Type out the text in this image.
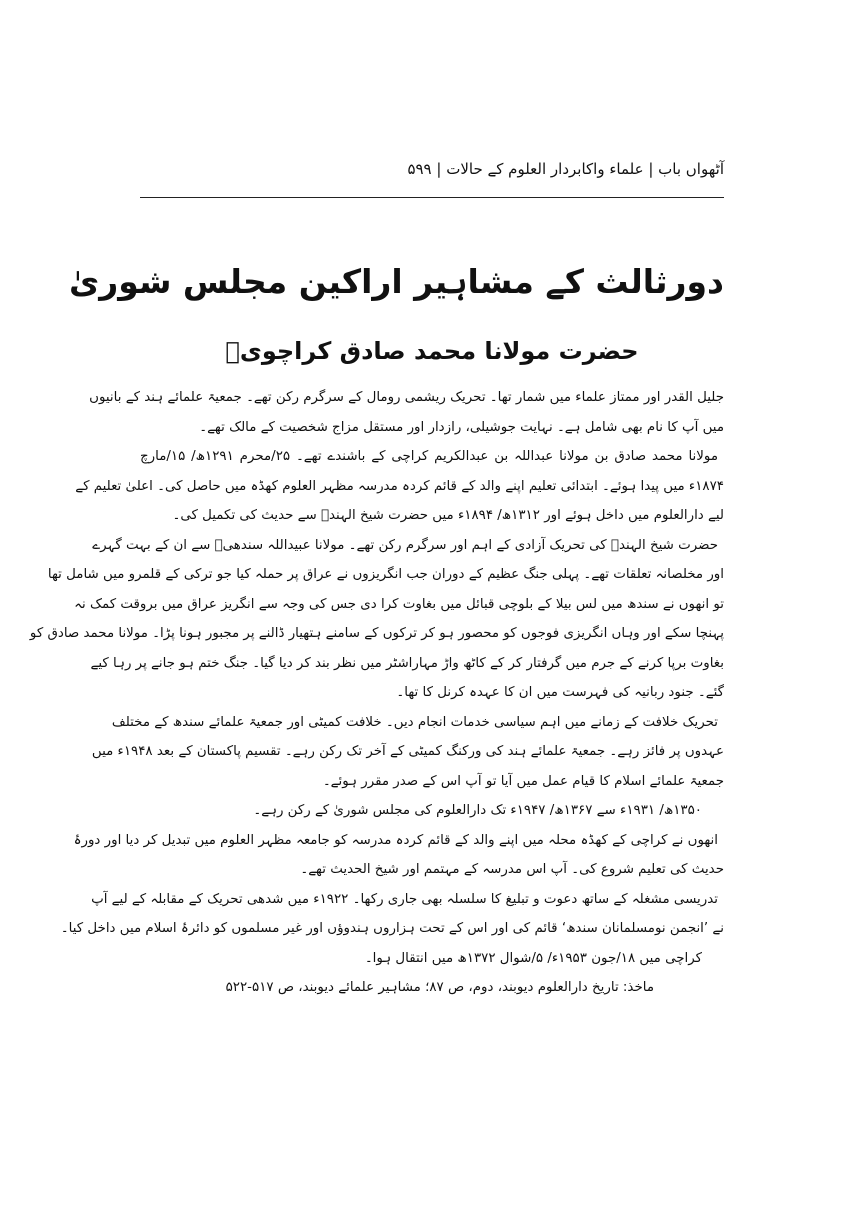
آٹھواں باب | علماء واکابردار العلوم کے حالات | ۵۹۹
دورثالث کے مشاہیر اراکین مجلس شوریٰ
حضرت مولانا محمد صادق کراچویؒ
جلیل القدر اور ممتاز علماء میں شمار تھا۔ تحریک ریشمی رومال کے سرگرم رکن تھے۔ جمعیۃ علمائے ہند کے بانیوں
میں آپ کا نام بھی شامل ہے۔ نہایت جوشیلی، رازدار اور مستقل مزاج شخصیت کے مالک تھے۔
مولانا محمد صادق بن مولانا عبداللہ بن عبدالکریم کراچی کے باشندے تھے۔ ۲۵/محرم ۱۲۹۱ھ/ ۱۵/مارچ
۱۸۷۴ء میں پیدا ہوئے۔ ابتدائی تعلیم اپنے والد کے قائم کردہ مدرسہ مظہر العلوم کھڈہ میں حاصل کی۔ اعلیٰ تعلیم کے
لیے دارالعلوم میں داخل ہوئے اور ۱۳۱۲ھ/ ۱۸۹۴ء میں حضرت شیخ الہندؒ سے حدیث کی تکمیل کی۔
حضرت شیخ الہندؒ کی تحریک آزادی کے اہم اور سرگرم رکن تھے۔ مولانا عبیداللہ سندھیؒ سے ان کے بہت گہرے
اور مخلصانہ تعلقات تھے۔ پہلی جنگ عظیم کے دوران جب انگریزوں نے عراق پر حملہ کیا جو ترکی کے قلمرو میں شامل تھا
تو انھوں نے سندھ میں لس بیلا کے بلوچی قبائل میں بغاوت کرا دی جس کی وجہ سے انگریز عراق میں بروقت کمک نہ
پہنچا سکے اور وہاں انگریزی فوجوں کو محصور ہو کر ترکوں کے سامنے ہتھیار ڈالنے پر مجبور ہونا پڑا۔ مولانا محمد صادق کو
بغاوت برپا کرنے کے جرم میں گرفتار کر کے کاٹھ واڑ مہاراشٹر میں نظر بند کر دیا گیا۔ جنگ ختم ہو جانے پر رہا کیے
گئے۔ جنود ربانیہ کی فہرست میں ان کا عہدہ کرنل کا تھا۔
تحریک خلافت کے زمانے میں اہم سیاسی خدمات انجام دیں۔ خلافت کمیٹی اور جمعیۃ علمائے سندھ کے مختلف
عہدوں پر فائز رہے۔ جمعیۃ علمائے ہند کی ورکنگ کمیٹی کے آخر تک رکن رہے۔ تقسیم پاکستان کے بعد ۱۹۴۸ء میں
جمعیۃ علمائے اسلام کا قیام عمل میں آیا تو آپ اس کے صدر مقرر ہوئے۔
۱۳۵۰ھ/ ۱۹۳۱ء سے ۱۳۶۷ھ/ ۱۹۴۷ء تک دارالعلوم کی مجلس شوریٰ کے رکن رہے۔
انھوں نے کراچی کے کھڈہ محلہ میں اپنے والد کے قائم کردہ مدرسہ کو جامعہ مظہر العلوم میں تبدیل کر دیا اور دورۂ
حدیث کی تعلیم شروع کی۔ آپ اس مدرسہ کے مہتمم اور شیخ الحدیث تھے۔
تدریسی مشغلہ کے ساتھ دعوت و تبلیغ کا سلسلہ بھی جاری رکھا۔ ۱۹۲۲ء میں شدھی تحریک کے مقابلہ کے لیے آپ
نے ’انجمن نومسلمانان سندھ‘ قائم کی اور اس کے تحت ہزاروں ہندوؤں اور غیر مسلموں کو دائرۂ اسلام میں داخل کیا۔
کراچی میں ۱۸/جون ۱۹۵۳ء/ ۵/شوال ۱۳۷۲ھ میں انتقال ہوا۔
ماخذ: تاریخ دارالعلوم دیوبند، دوم، ص ۸۷؛ مشاہیر علمائے دیوبند، ص ۵۱۷-۵۲۲
